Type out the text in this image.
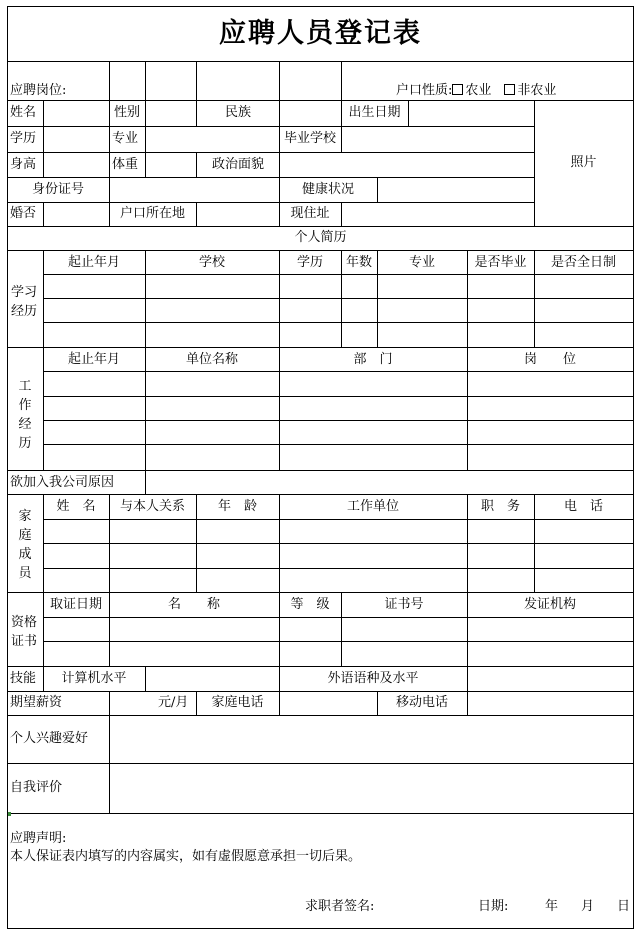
应聘人员登记表
应聘岗位:	户口性质: 农业　 非农业
姓名	性别	民族	出生日期
学历	专业	毕业学校
身高	体重	政治面貌
身份证号	健康状况
婚否	户口所在地	现住址
照片
个人简历
学习经历
起止年月	学校	学历	年数	专业	是否毕业	是否全日制
工作经历
起止年月	单位名称	部　门	岗　　位
欲加入我公司原因
家庭成员
姓　名	与本人关系	年　龄	工作单位	职　务	电　话
资格证书
取证日期	名　　称	等　级	证书号	发证机构
技能	计算机水平	外语语种及水平
期望薪资	元/月	家庭电话	移动电话
个人兴趣爱好
自我评价
应聘声明:
本人保证表内填写的内容属实，如有虚假愿意承担一切后果。
求职者签名:	日期:	年 月 日
